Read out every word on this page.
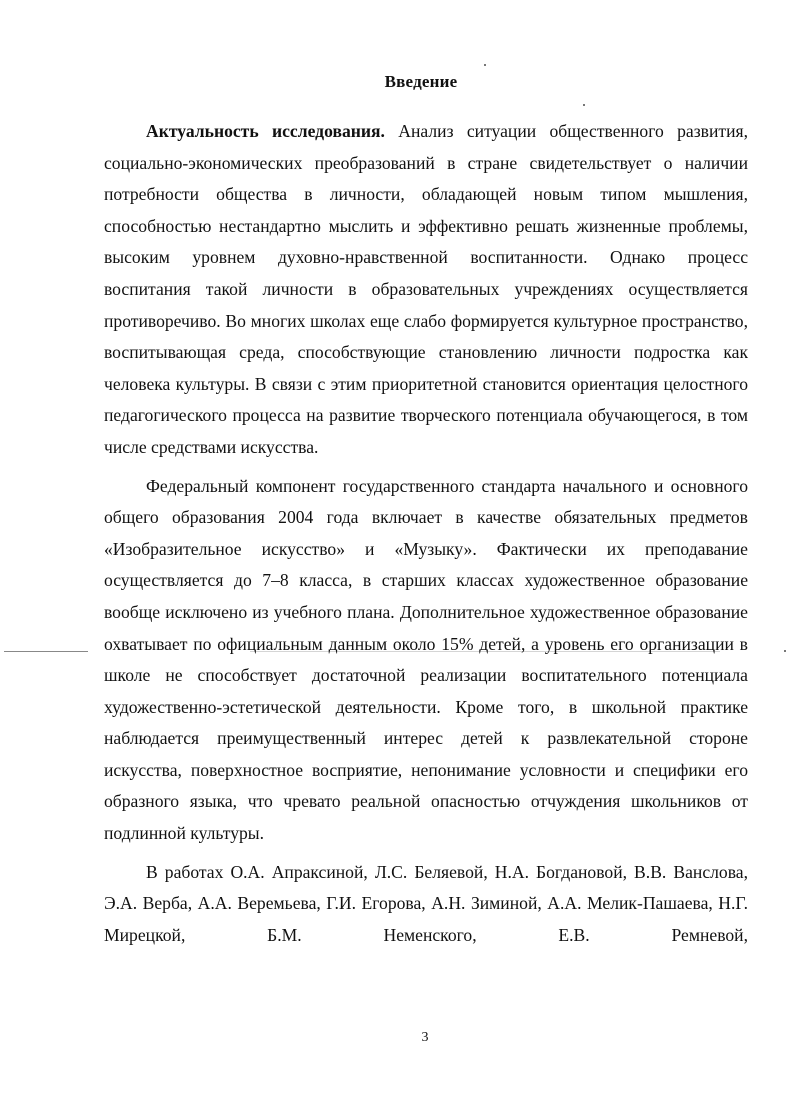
Введение

Актуальность исследования. Анализ ситуации общественного развития, социально-экономических преобразований в стране свидетельствует о наличии потребности общества в личности, обладающей новым типом мышления, способностью нестандартно мыслить и эффективно решать жизненные проблемы, высоким уровнем духовно-нравственной воспитанности. Однако процесс воспитания такой личности в образовательных учреждениях осуществляется противоречиво. Во многих школах еще слабо формируется культурное пространство, воспитывающая среда, способствующие становлению личности подростка как человека культуры. В связи с этим приоритетной становится ориентация целостного педагогического процесса на развитие творческого потенциала обучающегося, в том числе средствами искусства.

Федеральный компонент государственного стандарта начального и основного общего образования 2004 года включает в качестве обязательных предметов «Изобразительное искусство» и «Музыку». Фактически их преподавание осуществляется до 7–8 класса, в старших классах художественное образование вообще исключено из учебного плана. Дополнительное художественное образование охватывает по официальным данным около 15% детей, а уровень его организации в школе не способствует достаточной реализации воспитательного потенциала художественно-эстетической деятельности. Кроме того, в школьной практике наблюдается преимущественный интерес детей к развлекательной стороне искусства, поверхностное восприятие, непонимание условности и специфики его образного языка, что чревато реальной опасностью отчуждения школьников от подлинной культуры.

В работах О.А. Апраксиной, Л.С. Беляевой, Н.А. Богдановой, В.В. Ванслова, Э.А. Верба, А.А. Веремьева, Г.И. Егорова, А.Н. Зиминой, А.А. Мелик-Пашаева, Н.Г. Мирецкой, Б.М. Неменского, Е.В. Ремневой,

3
